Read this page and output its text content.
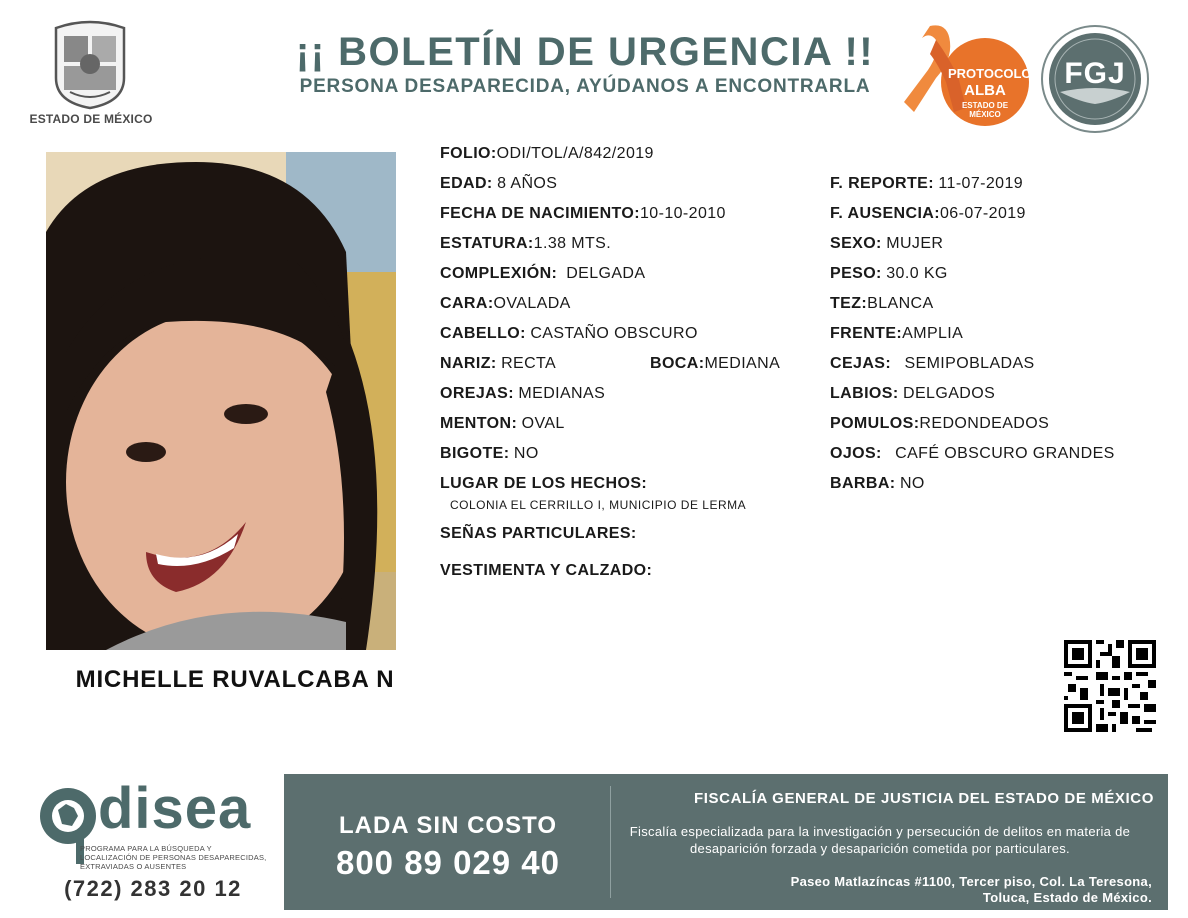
ESTADO DE MÉXICO
¡¡ BOLETÍN DE URGENCIA !!
PERSONA DESAPARECIDA, AYÚDANOS A ENCONTRARLA
PROTOCOLO
ALBA
ESTADO DE MÉXICO
FGJ
MICHELLE RUVALCABA N
FOLIO:ODI/TOL/A/842/2019
EDAD: 8 AÑOS
FECHA DE NACIMIENTO:10-10-2010
ESTATURA:1.38 MTS.
COMPLEXIÓN: DELGADA
CARA:OVALADA
CABELLO: CASTAÑO OBSCURO
NARIZ: RECTA	BOCA:MEDIANA
OREJAS: MEDIANAS
MENTON: OVAL
BIGOTE: NO
LUGAR DE LOS HECHOS:
COLONIA EL CERRILLO I, MUNICIPIO DE LERMA
SEÑAS PARTICULARES:
VESTIMENTA Y CALZADO:
F. REPORTE: 11-07-2019
F. AUSENCIA:06-07-2019
SEXO: MUJER
PESO: 30.0 KG
TEZ:BLANCA
FRENTE:AMPLIA
CEJAS: SEMIPOBLADAS
LABIOS: DELGADOS
POMULOS:REDONDEADOS
OJOS: CAFÉ OBSCURO GRANDES
BARBA: NO
disea
PROGRAMA PARA LA BÚSQUEDA Y LOCALIZACIÓN DE PERSONAS DESAPARECIDAS, EXTRAVIADAS O AUSENTES
(722) 283 20 12
LADA SIN COSTO
800 89 029 40
FISCALÍA GENERAL DE JUSTICIA DEL ESTADO DE MÉXICO
Fiscalía especializada para la investigación y persecución de delitos en materia de desaparición forzada y desaparición cometida por particulares.
Paseo Matlazíncas #1100, Tercer piso, Col. La Teresona,
Toluca, Estado de México.
